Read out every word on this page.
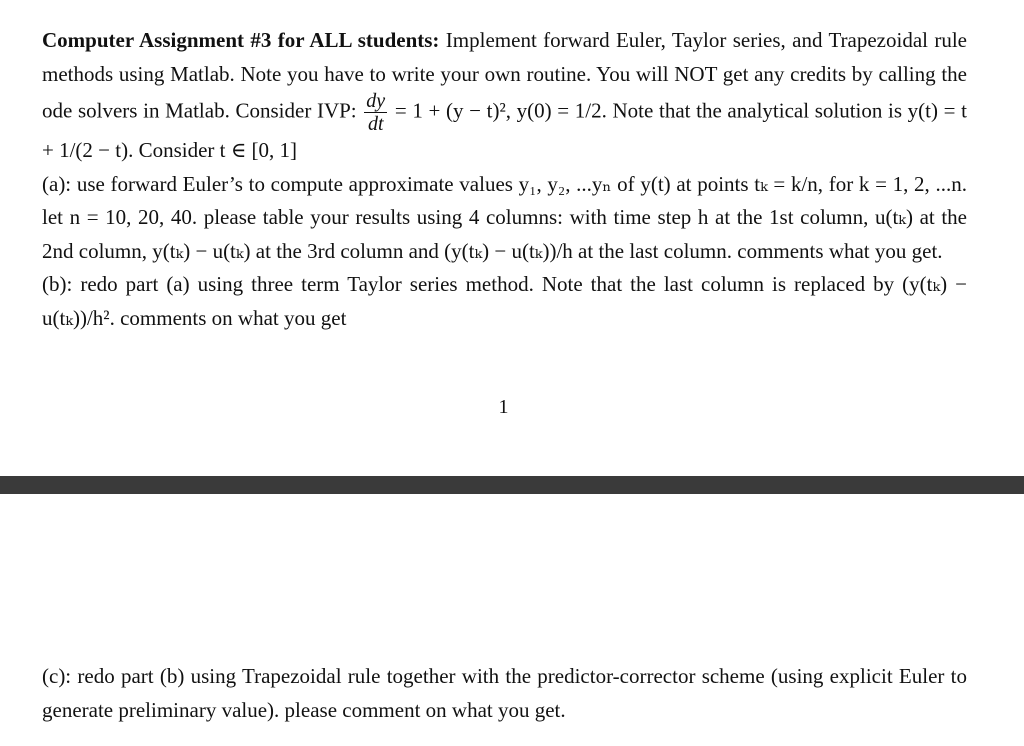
Computer Assignment #3 for ALL students: Implement forward Euler, Taylor series, and Trapezoidal rule methods using Matlab. Note you have to write your own routine. You will NOT get any credits by calling the ode solvers in Matlab. Consider IVP: $\frac{dy}{dt} = 1 + (y - t)^2$, y(0) = 1/2. Note that the analytical solution is y(t) = t + 1/(2 − t). Consider t ∈ [0, 1]

(a): use forward Euler’s to compute approximate values y₁, y₂, ...yₙ of y(t) at points tₖ = k/n, for k = 1, 2, ...n. let n = 10, 20, 40. please table your results using 4 columns: with time step h at the 1st column, u(tₖ) at the 2nd column, y(tₖ) − u(tₖ) at the 3rd column and (y(tₖ) − u(tₖ))/h at the last column. comments what you get.

(b): redo part (a) using three term Taylor series method. Note that the last column is replaced by (y(tₖ) − u(tₖ))/h². comments on what you get

1

(c): redo part (b) using Trapezoidal rule together with the predictor-corrector scheme (using explicit Euler to generate preliminary value). please comment on what you get.
